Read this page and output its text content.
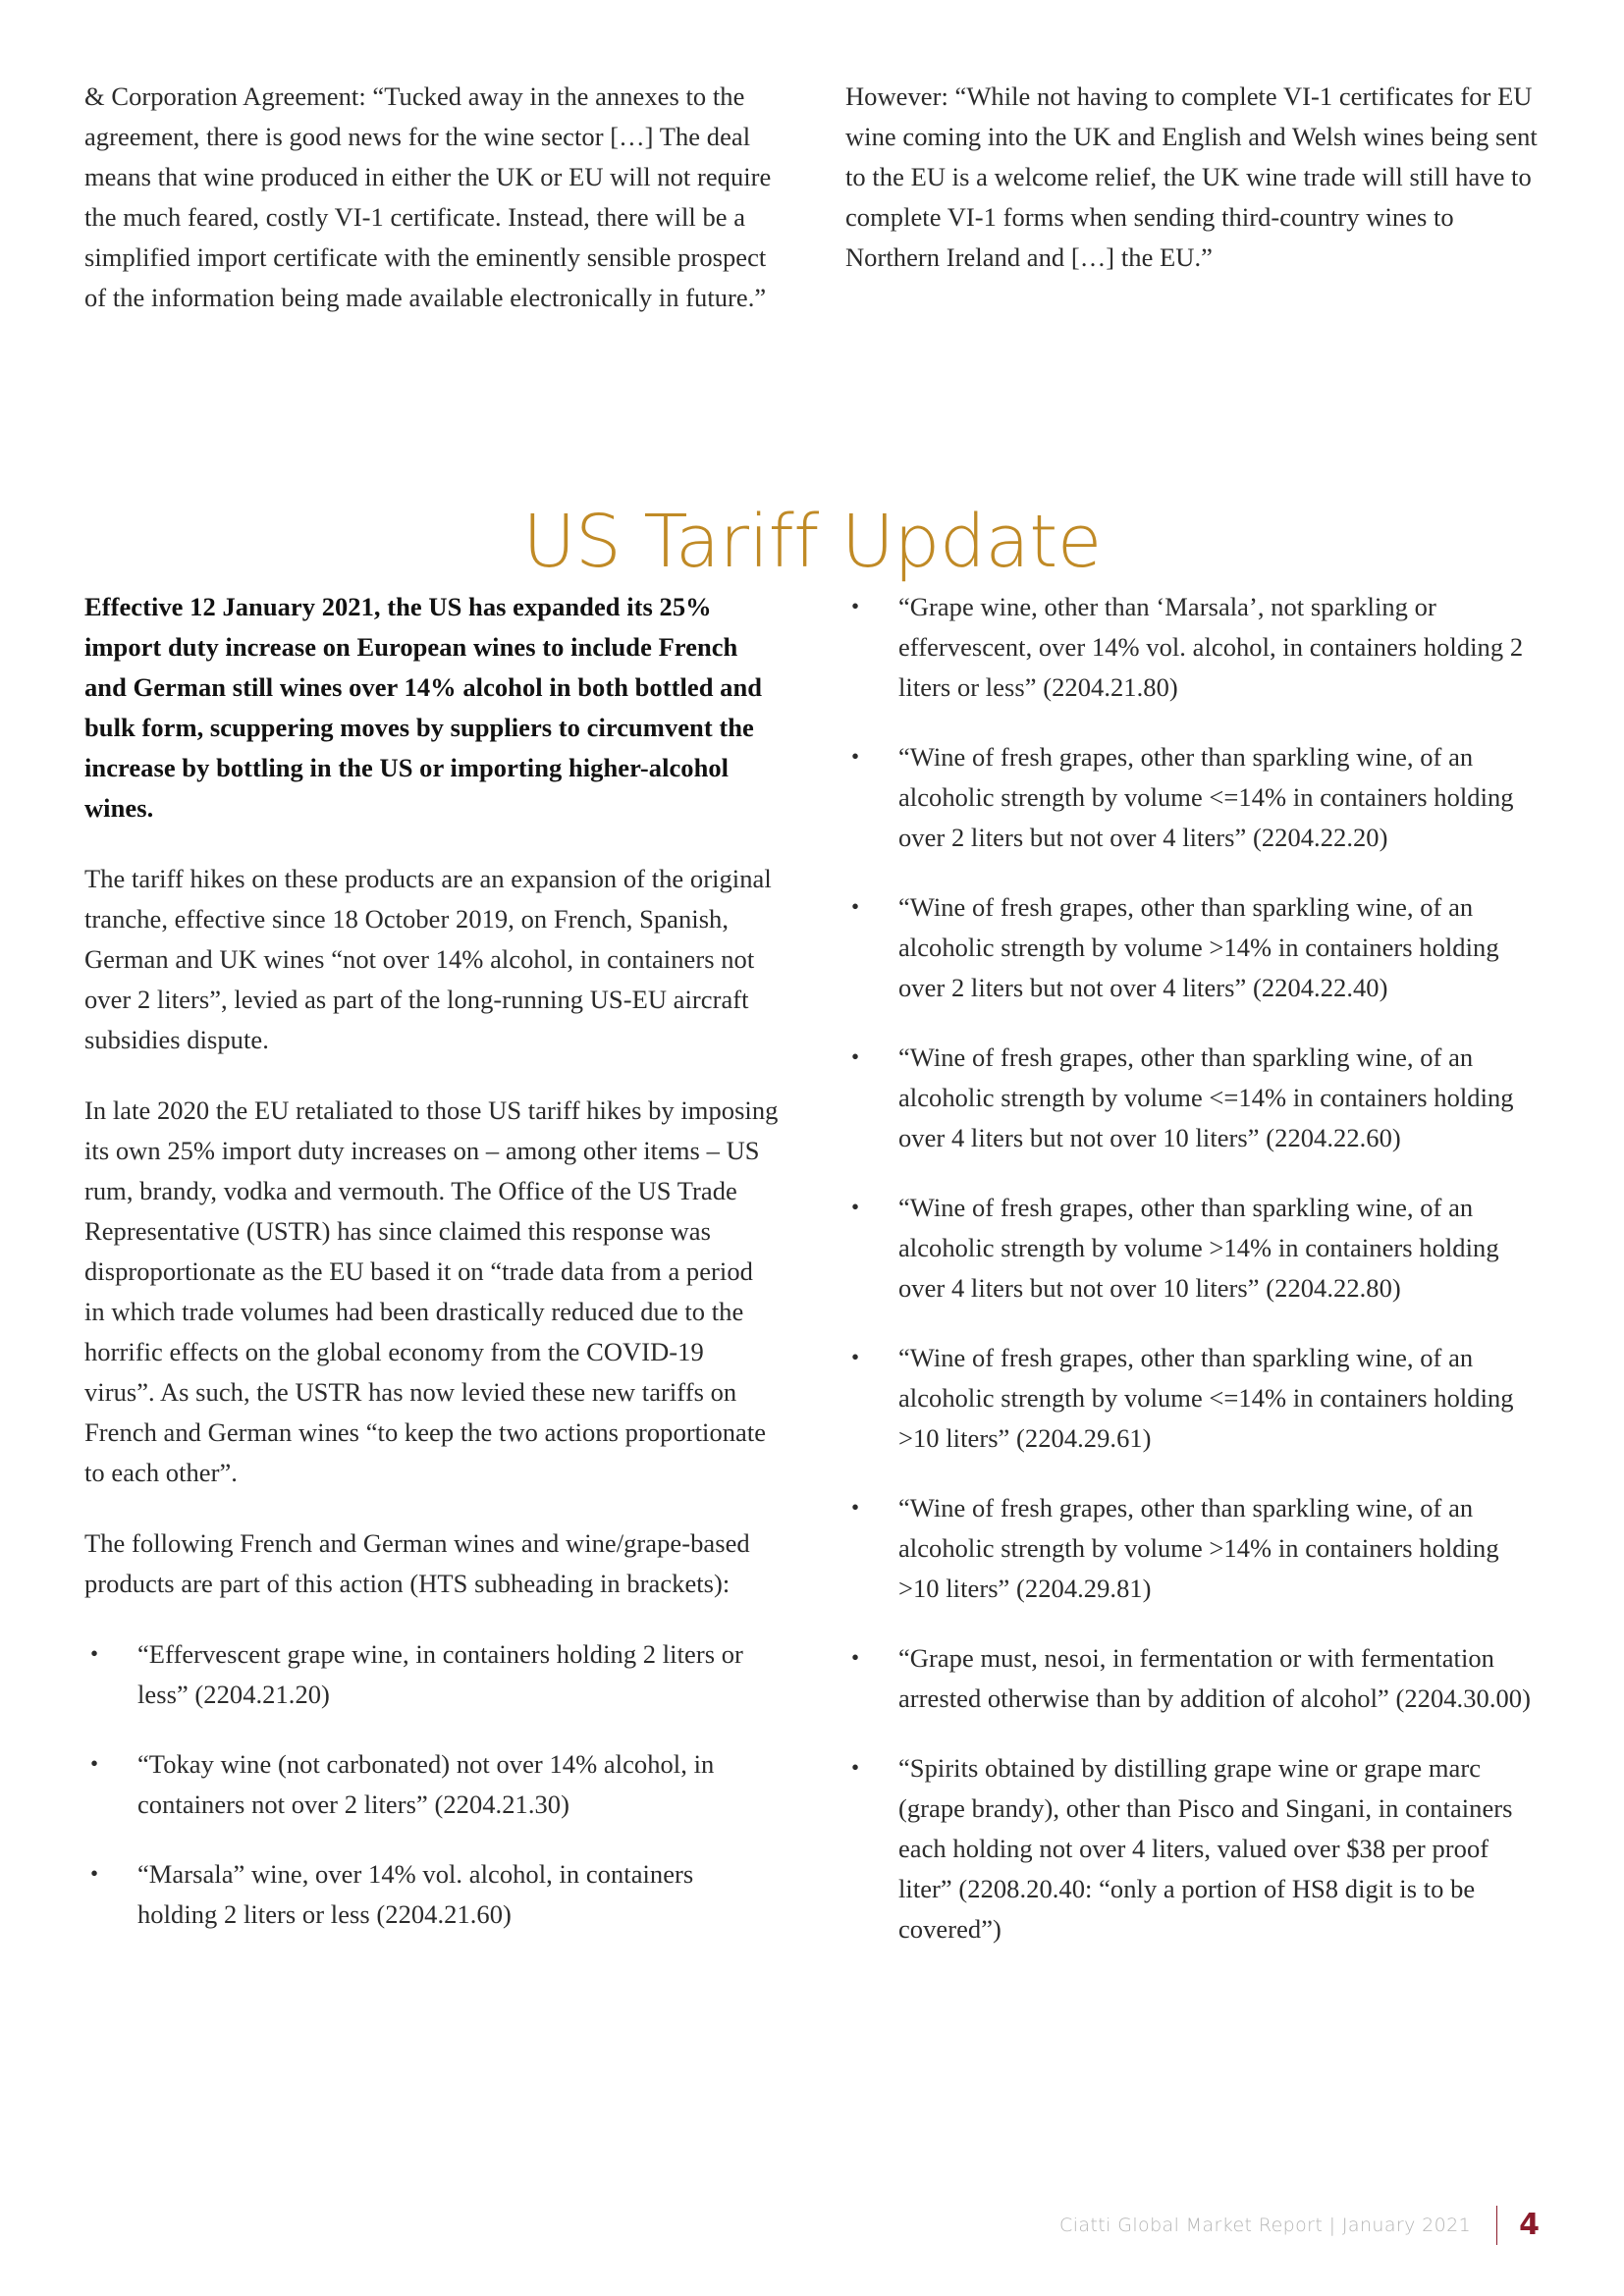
& Corporation Agreement: “Tucked away in the annexes to the agreement, there is good news for the wine sector […] The deal means that wine produced in either the UK or EU will not require the much feared, costly VI-1 certificate. Instead, there will be a simplified import certificate with the eminently sensible prospect of the information being made available electronically in future.”

However: “While not having to complete VI-1 certificates for EU wine coming into the UK and English and Welsh wines being sent to the EU is a welcome relief, the UK wine trade will still have to complete VI-1 forms when sending third-country wines to Northern Ireland and […] the EU.”

US Tariff Update

Effective 12 January 2021, the US has expanded its 25% import duty increase on European wines to include French and German still wines over 14% alcohol in both bottled and bulk form, scuppering moves by suppliers to circumvent the increase by bottling in the US or importing higher-alcohol wines.

The tariff hikes on these products are an expansion of the original tranche, effective since 18 October 2019, on French, Spanish, German and UK wines “not over 14% alcohol, in containers not over 2 liters”, levied as part of the long-running US-EU aircraft subsidies dispute.

In late 2020 the EU retaliated to those US tariff hikes by imposing its own 25% import duty increases on – among other items – US rum, brandy, vodka and vermouth. The Office of the US Trade Representative (USTR) has since claimed this response was disproportionate as the EU based it on “trade data from a period in which trade volumes had been drastically reduced due to the horrific effects on the global economy from the COVID-19 virus”. As such, the USTR has now levied these new tariffs on French and German wines “to keep the two actions proportionate to each other”.

The following French and German wines and wine/grape-based products are part of this action (HTS subheading in brackets):

• “Effervescent grape wine, in containers holding 2 liters or less” (2204.21.20)
• “Tokay wine (not carbonated) not over 14% alcohol, in containers not over 2 liters” (2204.21.30)
• “Marsala” wine, over 14% vol. alcohol, in containers holding 2 liters or less (2204.21.60)
• “Grape wine, other than ‘Marsala’, not sparkling or effervescent, over 14% vol. alcohol, in containers holding 2 liters or less” (2204.21.80)
• “Wine of fresh grapes, other than sparkling wine, of an alcoholic strength by volume <=14% in containers holding over 2 liters but not over 4 liters” (2204.22.20)
• “Wine of fresh grapes, other than sparkling wine, of an alcoholic strength by volume >14% in containers holding over 2 liters but not over 4 liters” (2204.22.40)
• “Wine of fresh grapes, other than sparkling wine, of an alcoholic strength by volume <=14% in containers holding over 4 liters but not over 10 liters” (2204.22.60)
• “Wine of fresh grapes, other than sparkling wine, of an alcoholic strength by volume >14% in containers holding over 4 liters but not over 10 liters” (2204.22.80)
• “Wine of fresh grapes, other than sparkling wine, of an alcoholic strength by volume <=14% in containers holding >10 liters” (2204.29.61)
• “Wine of fresh grapes, other than sparkling wine, of an alcoholic strength by volume >14% in containers holding >10 liters” (2204.29.81)
• “Grape must, nesoi, in fermentation or with fermentation arrested otherwise than by addition of alcohol” (2204.30.00)
• “Spirits obtained by distilling grape wine or grape marc (grape brandy), other than Pisco and Singani, in containers each holding not over 4 liters, valued over $38 per proof liter” (2208.20.40: “only a portion of HS8 digit is to be covered”)
Ciatti Global Market Report | January 2021 4
